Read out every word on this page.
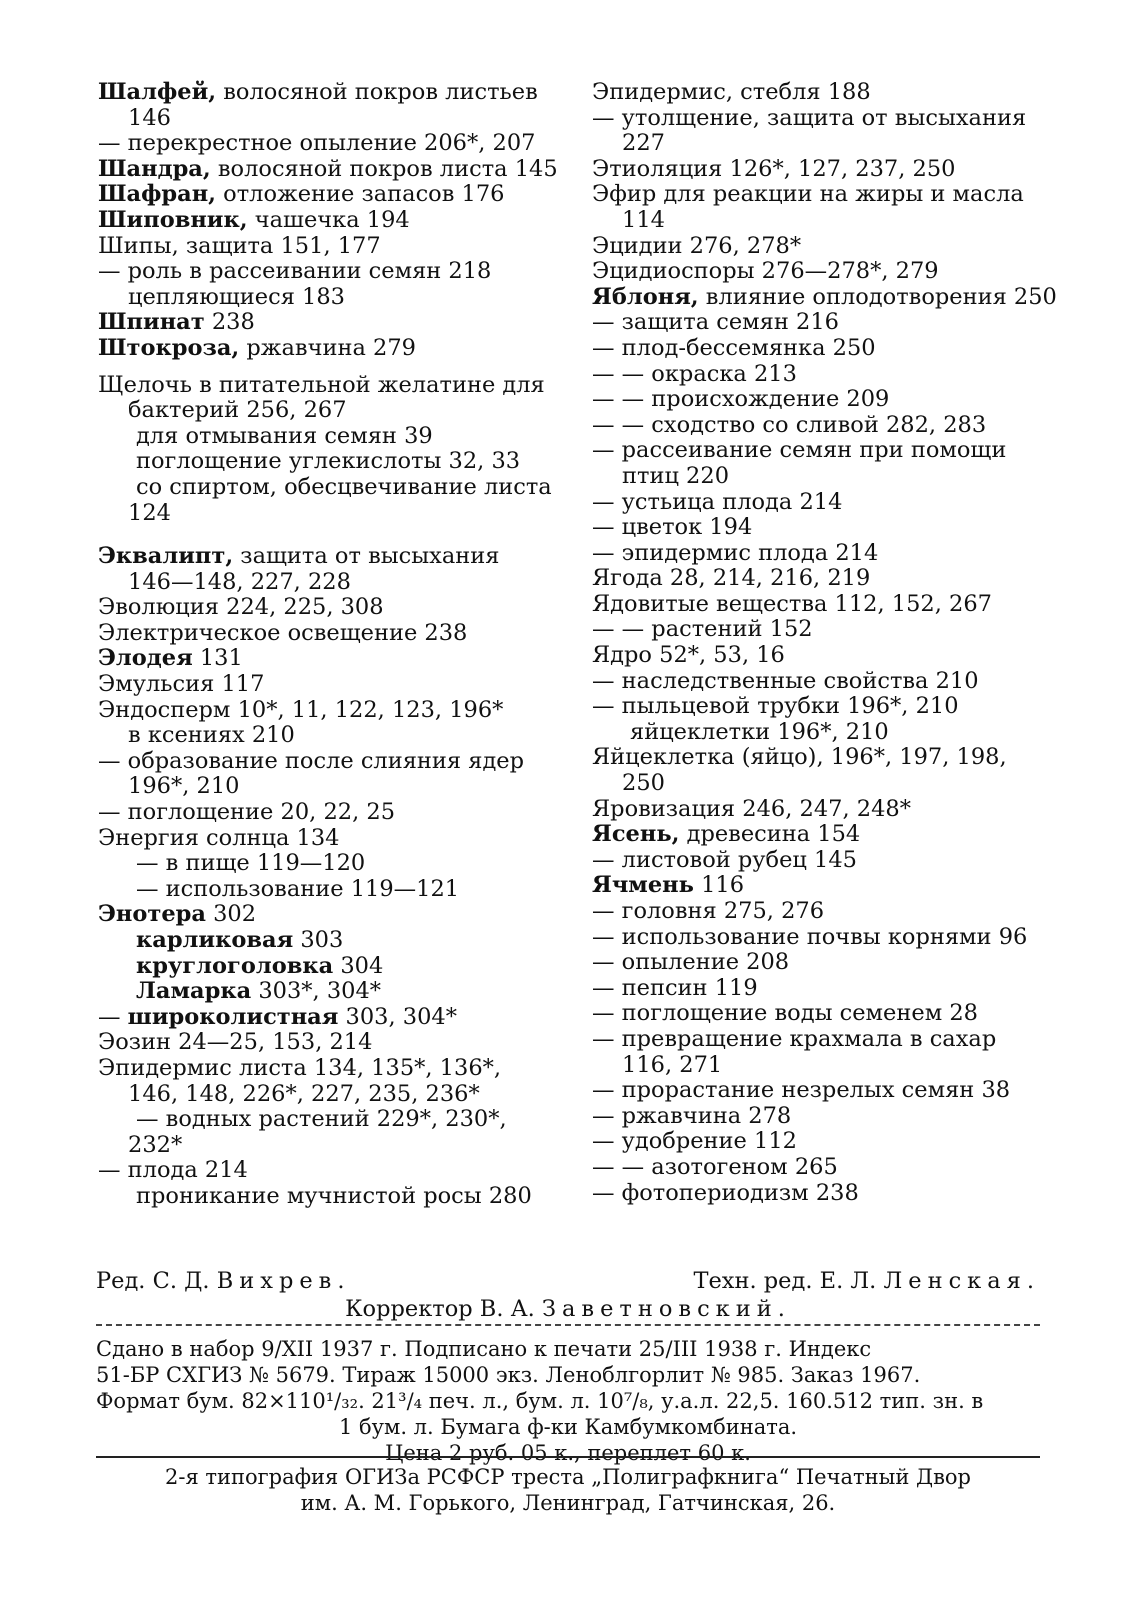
Шалфей, волосяной покров листьев

146

— перекрестное опыление 206*, 207

Шандра, волосяной покров листа 145

Шафран, отложение запасов 176

Шиповник, чашечка 194

Шипы, защита 151, 177

— роль в рассеивании семян 218

цепляющиеся 183

Шпинат 238

Штокроза, ржавчина 279

Щелочь в питательной желатине для

бактерий 256, 267

для отмывания семян 39

поглощение углекислоты 32, 33

со спиртом, обесцвечивание листа

124

Эквалипт, защита от высыхания

146—148, 227, 228

Эволюция 224, 225, 308

Электрическое освещение 238

Элодея 131

Эмульсия 117

Эндосперм 10*, 11, 122, 123, 196*

в ксениях 210

— образование после слияния ядер

196*, 210

— поглощение 20, 22, 25

Энергия солнца 134

— в пище 119—120

— использование 119—121

Энотера 302

карликовая 303

круглоголовка 304

Ламарка 303*, 304*

— широколистная 303, 304*

Эозин 24—25, 153, 214

Эпидермис листа 134, 135*, 136*,

146, 148, 226*, 227, 235, 236*

— водных растений 229*, 230*,

232*

— плода 214

проникание мучнистой росы 280

Эпидермис, стебля 188

— утолщение, защита от высыхания

227

Этиоляция 126*, 127, 237, 250

Эфир для реакции на жиры и масла

114

Эцидии 276, 278*

Эцидиоспоры 276—278*, 279

Яблоня, влияние оплодотворения 250

— защита семян 216

— плод-бессемянка 250

— — окраска 213

— — происхождение 209

— — сходство со сливой 282, 283

— рассеивание семян при помощи

птиц 220

— устьица плода 214

— цветок 194

— эпидермис плода 214

Ягода 28, 214, 216, 219

Ядовитые вещества 112, 152, 267

— — растений 152

Ядро 52*, 53, 16

— наследственные свойства 210

— пыльцевой трубки 196*, 210

яйцеклетки 196*, 210

Яйцеклетка (яйцо), 196*, 197, 198,

250

Яровизация 246, 247, 248*

Ясень, древесина 154

— листовой рубец 145

Ячмень 116

— головня 275, 276

— использование почвы корнями 96

— опыление 208

— пепсин 119

— поглощение воды семенем 28

— превращение крахмала в сахар

116, 271

— прорастание незрелых семян 38

— ржавчина 278

— удобрение 112

— — азотогеном 265

— фотопериодизм 238

Ред. С. Д. Вихрев.	Техн. ред. Е. Л. Ленская.
Корректор В. А. Заветновский.
Сдано в набор 9/XII 1937 г. Подписано к печати 25/III 1938 г. Индекс
51-БР СХГИЗ № 5679. Тираж 15000 экз. Леноблгорлит № 985. Заказ 1967.
Формат бум. 82×110¹/₃₂. 21³/₄ печ. л., бум. л. 10⁷/₈, у.а.л. 22,5. 160.512 тип. зн. в
1 бум. л. Бумага ф-ки Камбумкомбината.
Цена 2 руб. 05 к., переплет 60 к.
2-я типография ОГИЗа РСФСР треста „Полиграфкнига“ Печатный Двор
им. А. М. Горького, Ленинград, Гатчинская, 26.
